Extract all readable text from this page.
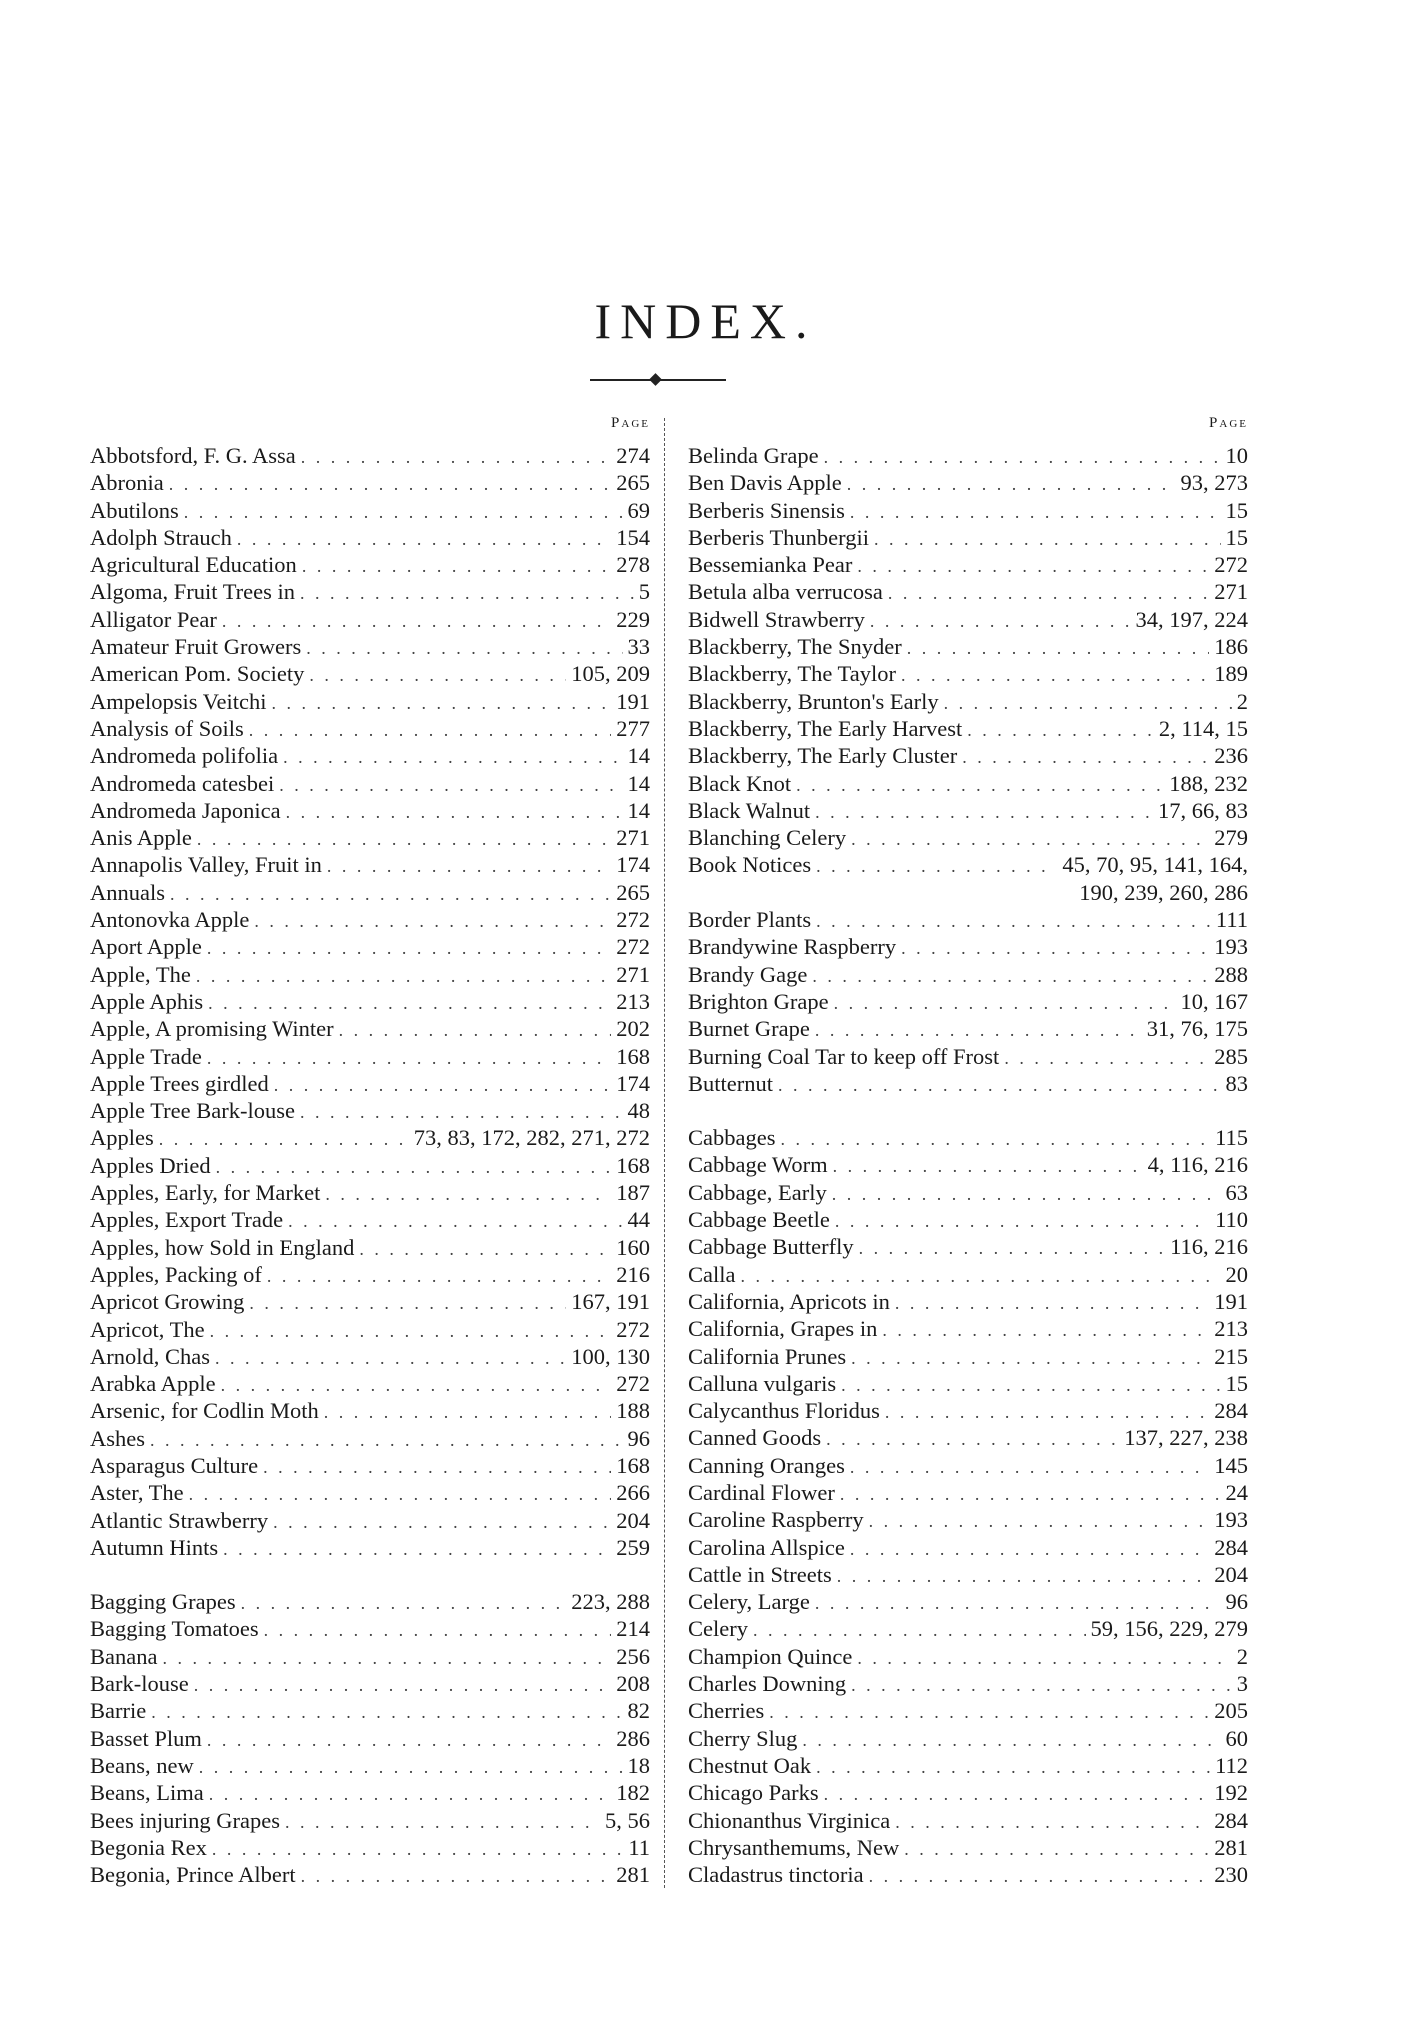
INDEX.
Page
Abbotsford, F. G. Assa . . .	274
Abronia . . .	265
Abutilons . . .	69
Adolph Strauch . . .	154
Agricultural Education . . .	278
Algoma, Fruit Trees in . . .	5
Alligator Pear . . .	229
Amateur Fruit Growers . . .	33
American Pom. Society . . .	105, 209
Ampelopsis Veitchi . . .	191
Analysis of Soils . . .	277
Andromeda polifolia . . .	14
Andromeda catesbei . . .	14
Andromeda Japonica . . .	14
Anis Apple . . .	271
Annapolis Valley, Fruit in . . .	174
Annuals . . .	265
Antonovka Apple . . .	272
Aport Apple . . .	272
Apple, The . . .	271
Apple Aphis . . .	213
Apple, A promising Winter . . .	202
Apple Trade . . .	168
Apple Trees girdled . . .	174
Apple Tree Bark-louse . . .	48
Apples . . .	73, 83, 172, 282, 271, 272
Apples Dried . . .	168
Apples, Early, for Market . . .	187
Apples, Export Trade . . .	44
Apples, how Sold in England . . .	160
Apples, Packing of . . .	216
Apricot Growing . . .	167, 191
Apricot, The . . .	272
Arnold, Chas . . .	100, 130
Arabka Apple . . .	272
Arsenic, for Codlin Moth . . .	188
Ashes . . .	96
Asparagus Culture . . .	168
Aster, The . . .	266
Atlantic Strawberry . . .	204
Autumn Hints . . .	259
Bagging Grapes . . .	223, 288
Bagging Tomatoes . . .	214
Banana . . .	256
Bark-louse . . .	208
Barrie . . .	82
Basset Plum . . .	286
Beans, new . . .	18
Beans, Lima . . .	182
Bees injuring Grapes . . .	5, 56
Begonia Rex . . .	11
Begonia, Prince Albert . . .	281
Page
Belinda Grape . . .	10
Ben Davis Apple . . .	93, 273
Berberis Sinensis . . .	15
Berberis Thunbergii . . .	15
Bessemianka Pear . . .	272
Betula alba verrucosa . . .	271
Bidwell Strawberry . . .	34, 197, 224
Blackberry, The Snyder . . .	186
Blackberry, The Taylor . . .	189
Blackberry, Brunton's Early . . .	2
Blackberry, The Early Harvest . . .	2, 114, 15
Blackberry, The Early Cluster . . .	236
Black Knot . . .	188, 232
Black Walnut . . .	17, 66, 83
Blanching Celery . . .	279
Book Notices . . .	45, 70, 95, 141, 164,
190, 239, 260, 286
Border Plants . . .	111
Brandywine Raspberry . . .	193
Brandy Gage . . .	288
Brighton Grape . . .	10, 167
Burnet Grape . . .	31, 76, 175
Burning Coal Tar to keep off Frost . . .	285
Butternut . . .	83
Cabbages . . .	115
Cabbage Worm . . .	4, 116, 216
Cabbage, Early . . .	63
Cabbage Beetle . . .	110
Cabbage Butterfly . . .	116, 216
Calla . . .	20
California, Apricots in . . .	191
California, Grapes in . . .	213
California Prunes . . .	215
Calluna vulgaris . . .	15
Calycanthus Floridus . . .	284
Canned Goods . . .	137, 227, 238
Canning Oranges . . .	145
Cardinal Flower . . .	24
Caroline Raspberry . . .	193
Carolina Allspice . . .	284
Cattle in Streets . . .	204
Celery, Large . . .	96
Celery . . .	59, 156, 229, 279
Champion Quince . . .	2
Charles Downing . . .	3
Cherries . . .	205
Cherry Slug . . .	60
Chestnut Oak . . .	112
Chicago Parks . . .	192
Chionanthus Virginica . . .	284
Chrysanthemums, New . . .	281
Cladastrus tinctoria . . .	230
